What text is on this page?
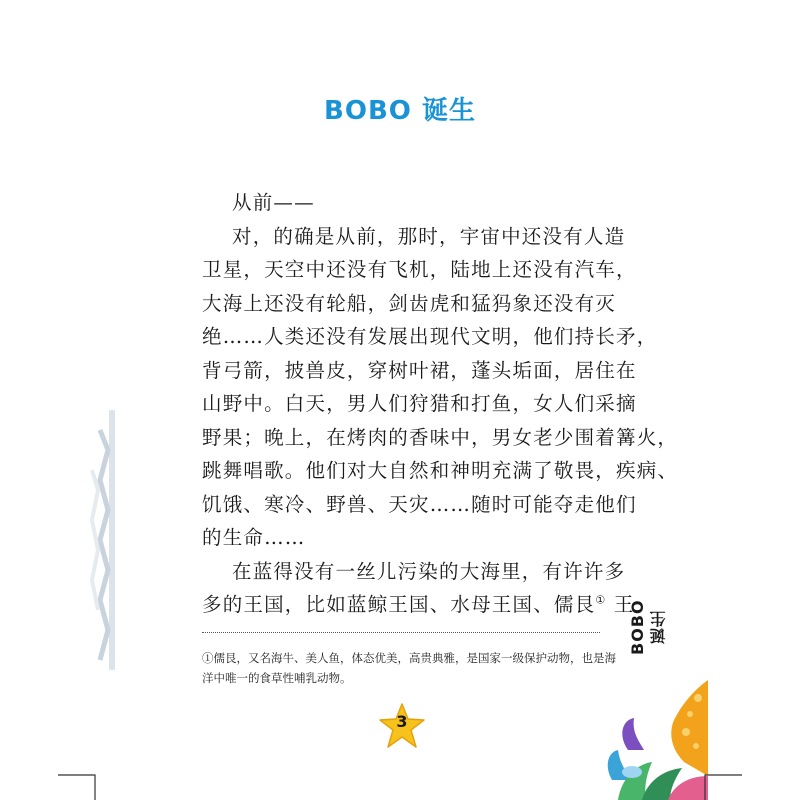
BOBO 诞生
从前——
对，的确是从前，那时，宇宙中还没有人造
卫星，天空中还没有飞机，陆地上还没有汽车，
大海上还没有轮船，剑齿虎和猛犸象还没有灭
绝……人类还没有发展出现代文明，他们持长矛，
背弓箭，披兽皮，穿树叶裙，蓬头垢面，居住在
山野中。白天，男人们狩猎和打鱼，女人们采摘
野果；晚上，在烤肉的香味中，男女老少围着篝火，
跳舞唱歌。他们对大自然和神明充满了敬畏，疾病、
饥饿、寒冷、野兽、天灾……随时可能夺走他们
的生命……
在蓝得没有一丝儿污染的大海里，有许许多
多的王国，比如蓝鲸王国、水母王国、儒艮① 王
①儒艮，又名海牛、美人鱼，体态优美，高贵典雅，是国家一级保护动物，也是海
洋中唯一的食草性哺乳动物。
BOBO 诞生
3
